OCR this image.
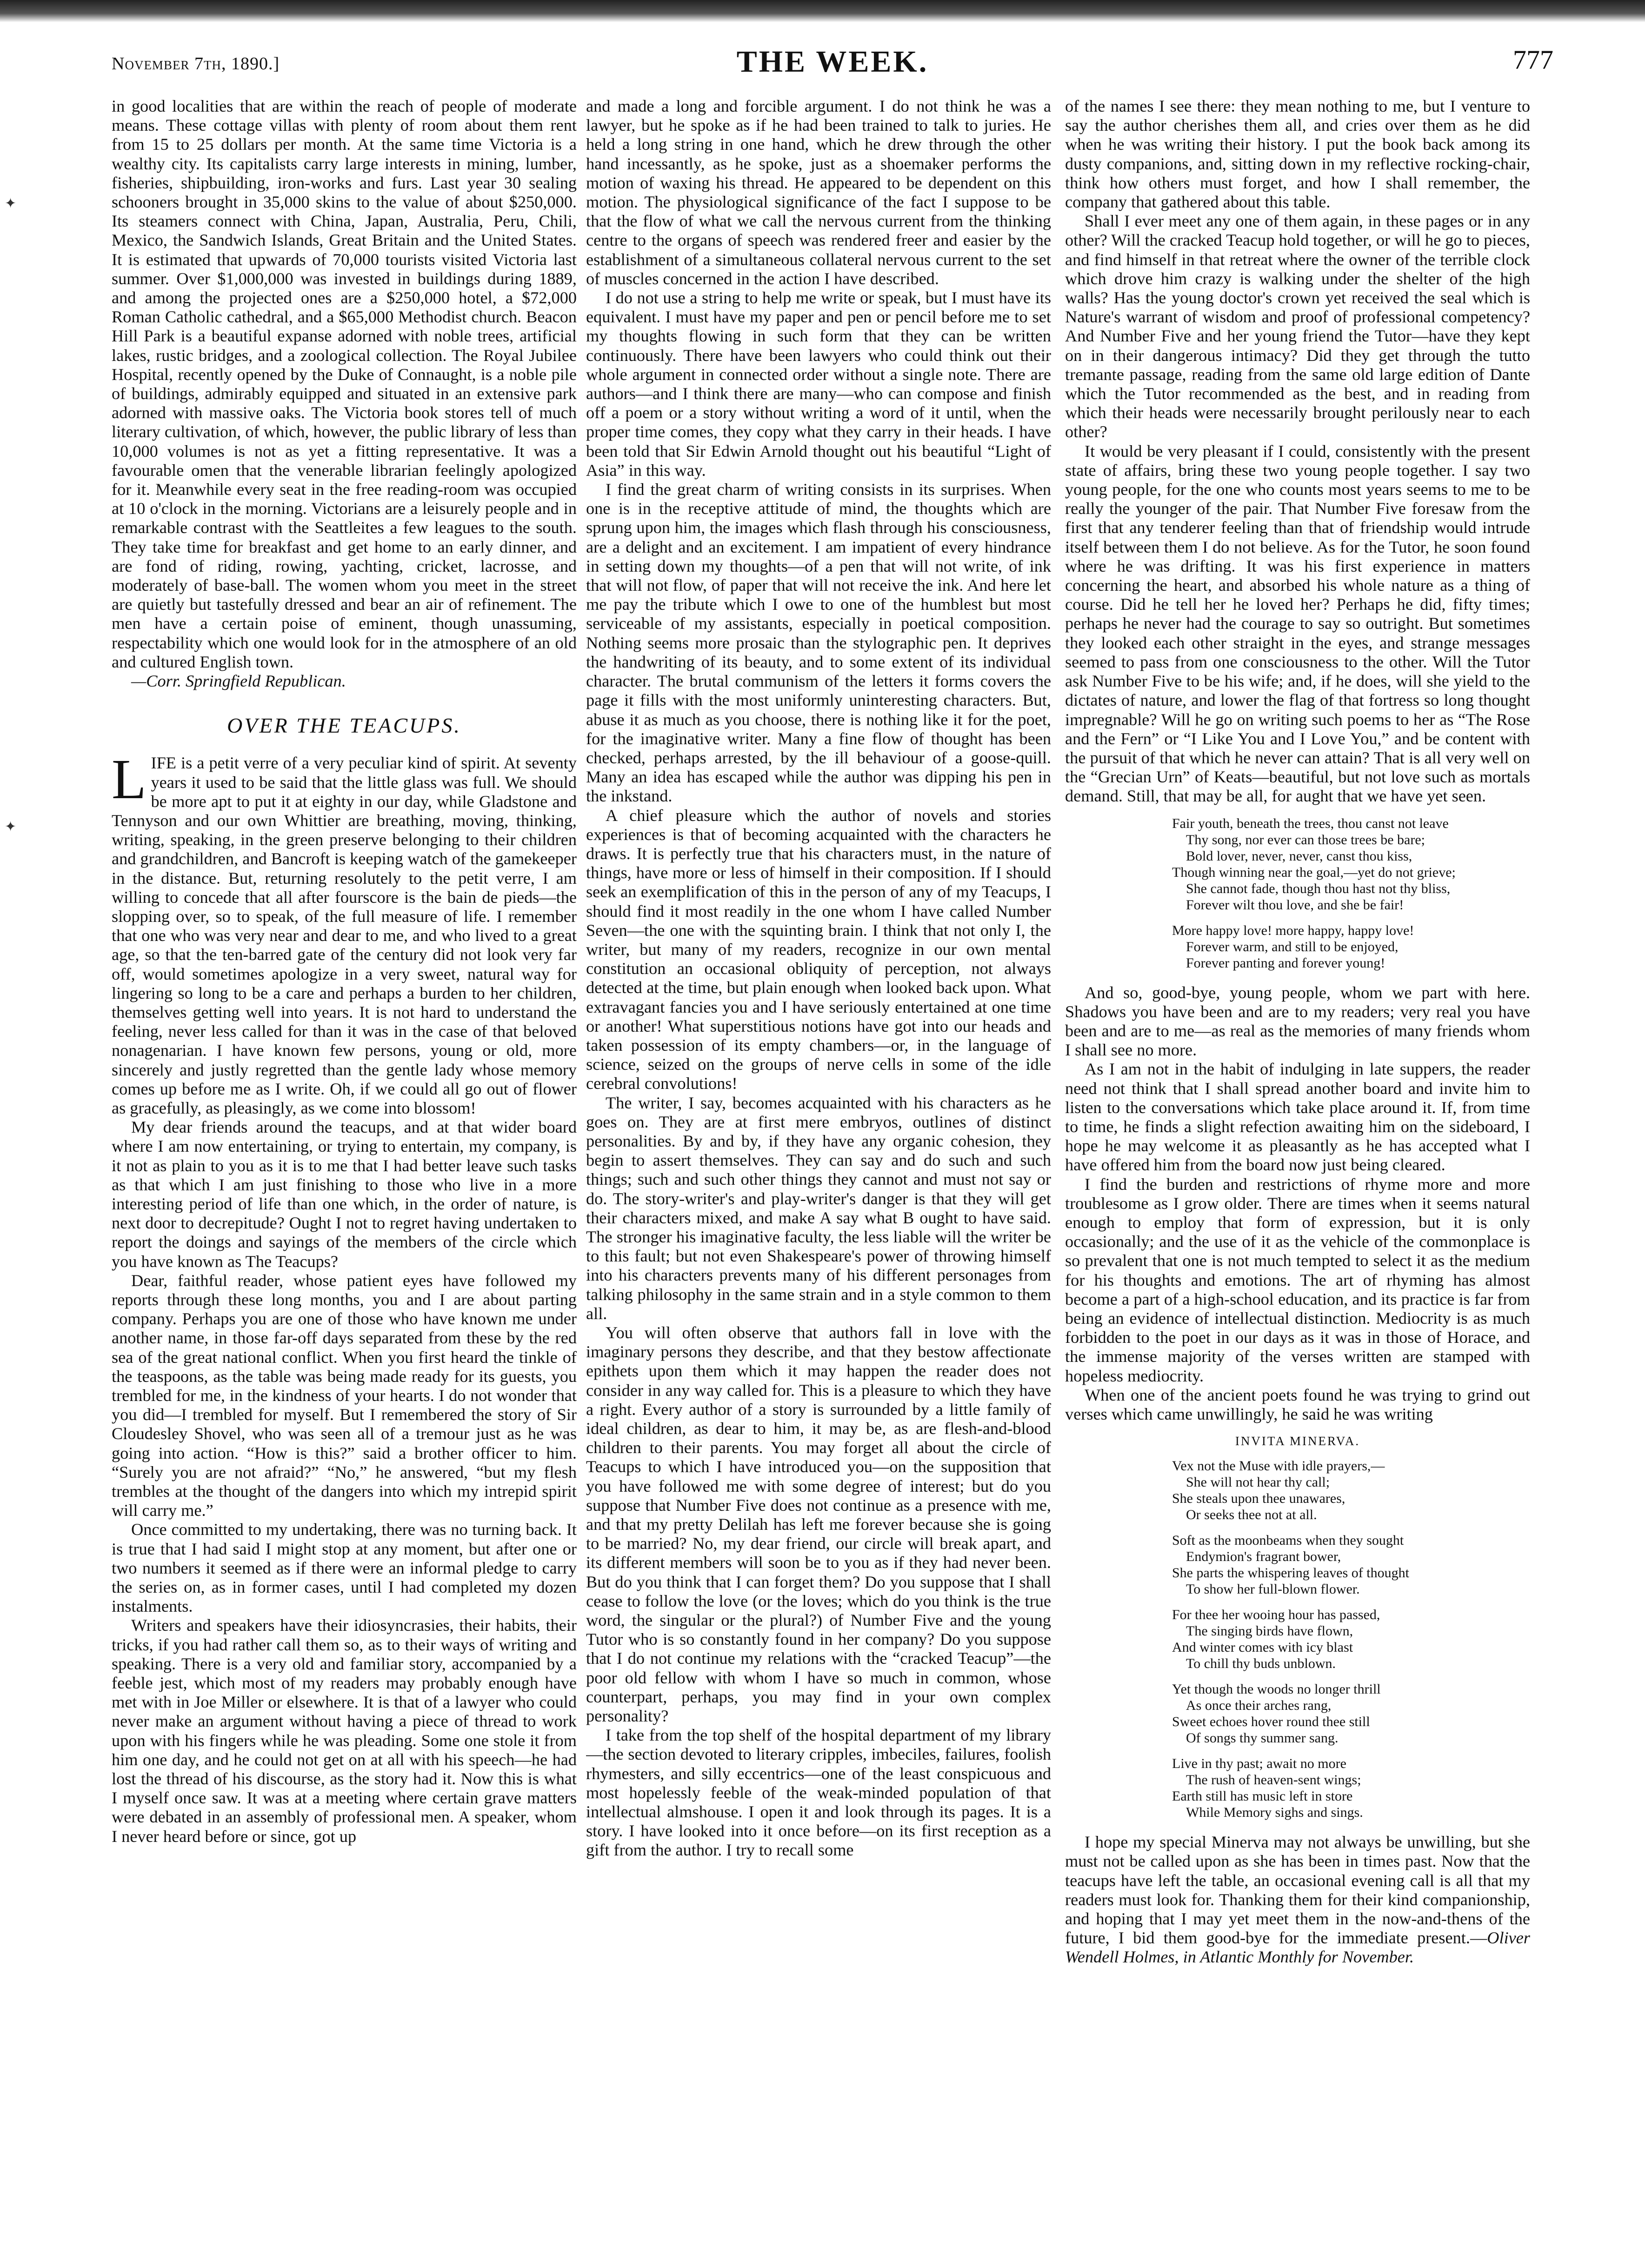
November 7th, 1890.]	THE WEEK.	777
✦
✦

in good localities that are within the reach of people of moderate means. These cottage villas with plenty of room about them rent from 15 to 25 dollars per month. At the same time Victoria is a wealthy city. Its capitalists carry large interests in mining, lumber, fisheries, shipbuilding, iron-works and furs. Last year 30 sealing schooners brought in 35,000 skins to the value of about $250,000. Its steamers connect with China, Japan, Australia, Peru, Chili, Mexico, the Sandwich Islands, Great Britain and the United States. It is estimated that upwards of 70,000 tourists visited Victoria last summer. Over $1,000,000 was invested in buildings during 1889, and among the projected ones are a $250,000 hotel, a $72,000 Roman Catholic cathedral, and a $65,000 Methodist church. Beacon Hill Park is a beautiful expanse adorned with noble trees, artificial lakes, rustic bridges, and a zoological collection. The Royal Jubilee Hospital, recently opened by the Duke of Connaught, is a noble pile of buildings, admirably equipped and situated in an extensive park adorned with massive oaks. The Victoria book stores tell of much literary cultivation, of which, however, the public library of less than 10,000 volumes is not as yet a fitting representative. It was a favourable omen that the venerable librarian feelingly apologized for it. Meanwhile every seat in the free reading-room was occupied at 10 o'clock in the morning. Victorians are a leisurely people and in remarkable contrast with the Seattleites a few leagues to the south. They take time for breakfast and get home to an early dinner, and are fond of riding, rowing, yachting, cricket, lacrosse, and moderately of base-ball. The women whom you meet in the street are quietly but tastefully dressed and bear an air of refinement. The men have a certain poise of eminent, though unassuming, respectability which one would look for in the atmosphere of an old and cultured English town.

—Corr. Springfield Republican.

OVER THE TEACUPS.

LIFE is a petit verre of a very peculiar kind of spirit. At seventy years it used to be said that the little glass was full. We should be more apt to put it at eighty in our day, while Gladstone and Tennyson and our own Whittier are breathing, moving, thinking, writing, speaking, in the green preserve belonging to their children and grandchildren, and Bancroft is keeping watch of the gamekeeper in the distance. But, returning resolutely to the petit verre, I am willing to concede that all after fourscore is the bain de pieds—the slopping over, so to speak, of the full measure of life. I remember that one who was very near and dear to me, and who lived to a great age, so that the ten-barred gate of the century did not look very far off, would sometimes apologize in a very sweet, natural way for lingering so long to be a care and perhaps a burden to her children, themselves getting well into years. It is not hard to understand the feeling, never less called for than it was in the case of that beloved nonagenarian. I have known few persons, young or old, more sincerely and justly regretted than the gentle lady whose memory comes up before me as I write. Oh, if we could all go out of flower as gracefully, as pleasingly, as we come into blossom!

My dear friends around the teacups, and at that wider board where I am now entertaining, or trying to entertain, my company, is it not as plain to you as it is to me that I had better leave such tasks as that which I am just finishing to those who live in a more interesting period of life than one which, in the order of nature, is next door to decrepitude? Ought I not to regret having undertaken to report the doings and sayings of the members of the circle which you have known as The Teacups?

Dear, faithful reader, whose patient eyes have followed my reports through these long months, you and I are about parting company. Perhaps you are one of those who have known me under another name, in those far-off days separated from these by the red sea of the great national conflict. When you first heard the tinkle of the teaspoons, as the table was being made ready for its guests, you trembled for me, in the kindness of your hearts. I do not wonder that you did—I trembled for myself. But I remembered the story of Sir Cloudesley Shovel, who was seen all of a tremour just as he was going into action. “How is this?” said a brother officer to him. “Surely you are not afraid?” “No,” he answered, “but my flesh trembles at the thought of the dangers into which my intrepid spirit will carry me.”

Once committed to my undertaking, there was no turning back. It is true that I had said I might stop at any moment, but after one or two numbers it seemed as if there were an informal pledge to carry the series on, as in former cases, until I had completed my dozen instalments.

Writers and speakers have their idiosyncrasies, their habits, their tricks, if you had rather call them so, as to their ways of writing and speaking. There is a very old and familiar story, accompanied by a feeble jest, which most of my readers may probably enough have met with in Joe Miller or elsewhere. It is that of a lawyer who could never make an argument without having a piece of thread to work upon with his fingers while he was pleading. Some one stole it from him one day, and he could not get on at all with his speech—he had lost the thread of his discourse, as the story had it. Now this is what I myself once saw. It was at a meeting where certain grave matters were debated in an assembly of professional men. A speaker, whom I never heard before or since, got up

and made a long and forcible argument. I do not think he was a lawyer, but he spoke as if he had been trained to talk to juries. He held a long string in one hand, which he drew through the other hand incessantly, as he spoke, just as a shoemaker performs the motion of waxing his thread. He appeared to be dependent on this motion. The physiological significance of the fact I suppose to be that the flow of what we call the nervous current from the thinking centre to the organs of speech was rendered freer and easier by the establishment of a simultaneous collateral nervous current to the set of muscles concerned in the action I have described.

I do not use a string to help me write or speak, but I must have its equivalent. I must have my paper and pen or pencil before me to set my thoughts flowing in such form that they can be written continuously. There have been lawyers who could think out their whole argument in connected order without a single note. There are authors—and I think there are many—who can compose and finish off a poem or a story without writing a word of it until, when the proper time comes, they copy what they carry in their heads. I have been told that Sir Edwin Arnold thought out his beautiful “Light of Asia” in this way.

I find the great charm of writing consists in its surprises. When one is in the receptive attitude of mind, the thoughts which are sprung upon him, the images which flash through his consciousness, are a delight and an excitement. I am impatient of every hindrance in setting down my thoughts—of a pen that will not write, of ink that will not flow, of paper that will not receive the ink. And here let me pay the tribute which I owe to one of the humblest but most serviceable of my assistants, especially in poetical composition. Nothing seems more prosaic than the stylographic pen. It deprives the handwriting of its beauty, and to some extent of its individual character. The brutal communism of the letters it forms covers the page it fills with the most uniformly uninteresting characters. But, abuse it as much as you choose, there is nothing like it for the poet, for the imaginative writer. Many a fine flow of thought has been checked, perhaps arrested, by the ill behaviour of a goose-quill. Many an idea has escaped while the author was dipping his pen in the inkstand.

A chief pleasure which the author of novels and stories experiences is that of becoming acquainted with the characters he draws. It is perfectly true that his characters must, in the nature of things, have more or less of himself in their composition. If I should seek an exemplification of this in the person of any of my Teacups, I should find it most readily in the one whom I have called Number Seven—the one with the squinting brain. I think that not only I, the writer, but many of my readers, recognize in our own mental constitution an occasional obliquity of perception, not always detected at the time, but plain enough when looked back upon. What extravagant fancies you and I have seriously entertained at one time or another! What superstitious notions have got into our heads and taken possession of its empty chambers—or, in the language of science, seized on the groups of nerve cells in some of the idle cerebral convolutions!

The writer, I say, becomes acquainted with his characters as he goes on. They are at first mere embryos, outlines of distinct personalities. By and by, if they have any organic cohesion, they begin to assert themselves. They can say and do such and such things; such and such other things they cannot and must not say or do. The story-writer's and play-writer's danger is that they will get their characters mixed, and make A say what B ought to have said. The stronger his imaginative faculty, the less liable will the writer be to this fault; but not even Shakespeare's power of throwing himself into his characters prevents many of his different personages from talking philosophy in the same strain and in a style common to them all.

You will often observe that authors fall in love with the imaginary persons they describe, and that they bestow affectionate epithets upon them which it may happen the reader does not consider in any way called for. This is a pleasure to which they have a right. Every author of a story is surrounded by a little family of ideal children, as dear to him, it may be, as are flesh-and-blood children to their parents. You may forget all about the circle of Teacups to which I have introduced you—on the supposition that you have followed me with some degree of interest; but do you suppose that Number Five does not continue as a presence with me, and that my pretty Delilah has left me forever because she is going to be married? No, my dear friend, our circle will break apart, and its different members will soon be to you as if they had never been. But do you think that I can forget them? Do you suppose that I shall cease to follow the love (or the loves; which do you think is the true word, the singular or the plural?) of Number Five and the young Tutor who is so constantly found in her company? Do you suppose that I do not continue my relations with the “cracked Teacup”—the poor old fellow with whom I have so much in common, whose counterpart, perhaps, you may find in your own complex personality?

I take from the top shelf of the hospital department of my library—the section devoted to literary cripples, imbeciles, failures, foolish rhymesters, and silly eccentrics—one of the least conspicuous and most hopelessly feeble of the weak-minded population of that intellectual almshouse. I open it and look through its pages. It is a story. I have looked into it once before—on its first reception as a gift from the author. I try to recall some

of the names I see there: they mean nothing to me, but I venture to say the author cherishes them all, and cries over them as he did when he was writing their history. I put the book back among its dusty companions, and, sitting down in my reflective rocking-chair, think how others must forget, and how I shall remember, the company that gathered about this table.

Shall I ever meet any one of them again, in these pages or in any other? Will the cracked Teacup hold together, or will he go to pieces, and find himself in that retreat where the owner of the terrible clock which drove him crazy is walking under the shelter of the high walls? Has the young doctor's crown yet received the seal which is Nature's warrant of wisdom and proof of professional competency? And Number Five and her young friend the Tutor—have they kept on in their dangerous intimacy? Did they get through the tutto tremante passage, reading from the same old large edition of Dante which the Tutor recommended as the best, and in reading from which their heads were necessarily brought perilously near to each other?

It would be very pleasant if I could, consistently with the present state of affairs, bring these two young people together. I say two young people, for the one who counts most years seems to me to be really the younger of the pair. That Number Five foresaw from the first that any tenderer feeling than that of friendship would intrude itself between them I do not believe. As for the Tutor, he soon found where he was drifting. It was his first experience in matters concerning the heart, and absorbed his whole nature as a thing of course. Did he tell her he loved her? Perhaps he did, fifty times; perhaps he never had the courage to say so outright. But sometimes they looked each other straight in the eyes, and strange messages seemed to pass from one consciousness to the other. Will the Tutor ask Number Five to be his wife; and, if he does, will she yield to the dictates of nature, and lower the flag of that fortress so long thought impregnable? Will he go on writing such poems to her as “The Rose and the Fern” or “I Like You and I Love You,” and be content with the pursuit of that which he never can attain? That is all very well on the “Grecian Urn” of Keats—beautiful, but not love such as mortals demand. Still, that may be all, for aught that we have yet seen.

Fair youth, beneath the trees, thou canst not leave
Thy song, nor ever can those trees be bare;
Bold lover, never, never, canst thou kiss,
Though winning near the goal,—yet do not grieve;
She cannot fade, though thou hast not thy bliss,
Forever wilt thou love, and she be fair!
More happy love! more happy, happy love!
Forever warm, and still to be enjoyed,
Forever panting and forever young!

And so, good-bye, young people, whom we part with here. Shadows you have been and are to my readers; very real you have been and are to me—as real as the memories of many friends whom I shall see no more.

As I am not in the habit of indulging in late suppers, the reader need not think that I shall spread another board and invite him to listen to the conversations which take place around it. If, from time to time, he finds a slight refection awaiting him on the sideboard, I hope he may welcome it as pleasantly as he has accepted what I have offered him from the board now just being cleared.

I find the burden and restrictions of rhyme more and more troublesome as I grow older. There are times when it seems natural enough to employ that form of expression, but it is only occasionally; and the use of it as the vehicle of the commonplace is so prevalent that one is not much tempted to select it as the medium for his thoughts and emotions. The art of rhyming has almost become a part of a high-school education, and its practice is far from being an evidence of intellectual distinction. Mediocrity is as much forbidden to the poet in our days as it was in those of Horace, and the immense majority of the verses written are stamped with hopeless mediocrity.

When one of the ancient poets found he was trying to grind out verses which came unwillingly, he said he was writing

INVITA MINERVA.
Vex not the Muse with idle prayers,—
She will not hear thy call;
She steals upon thee unawares,
Or seeks thee not at all.
Soft as the moonbeams when they sought
Endymion's fragrant bower,
She parts the whispering leaves of thought
To show her full-blown flower.
For thee her wooing hour has passed,
The singing birds have flown,
And winter comes with icy blast
To chill thy buds unblown.
Yet though the woods no longer thrill
As once their arches rang,
Sweet echoes hover round thee still
Of songs thy summer sang.
Live in thy past; await no more
The rush of heaven-sent wings;
Earth still has music left in store
While Memory sighs and sings.

I hope my special Minerva may not always be unwilling, but she must not be called upon as she has been in times past. Now that the teacups have left the table, an occasional evening call is all that my readers must look for. Thanking them for their kind companionship, and hoping that I may yet meet them in the now-and-thens of the future, I bid them good-bye for the immediate present.—Oliver Wendell Holmes, in Atlantic Monthly for November.
